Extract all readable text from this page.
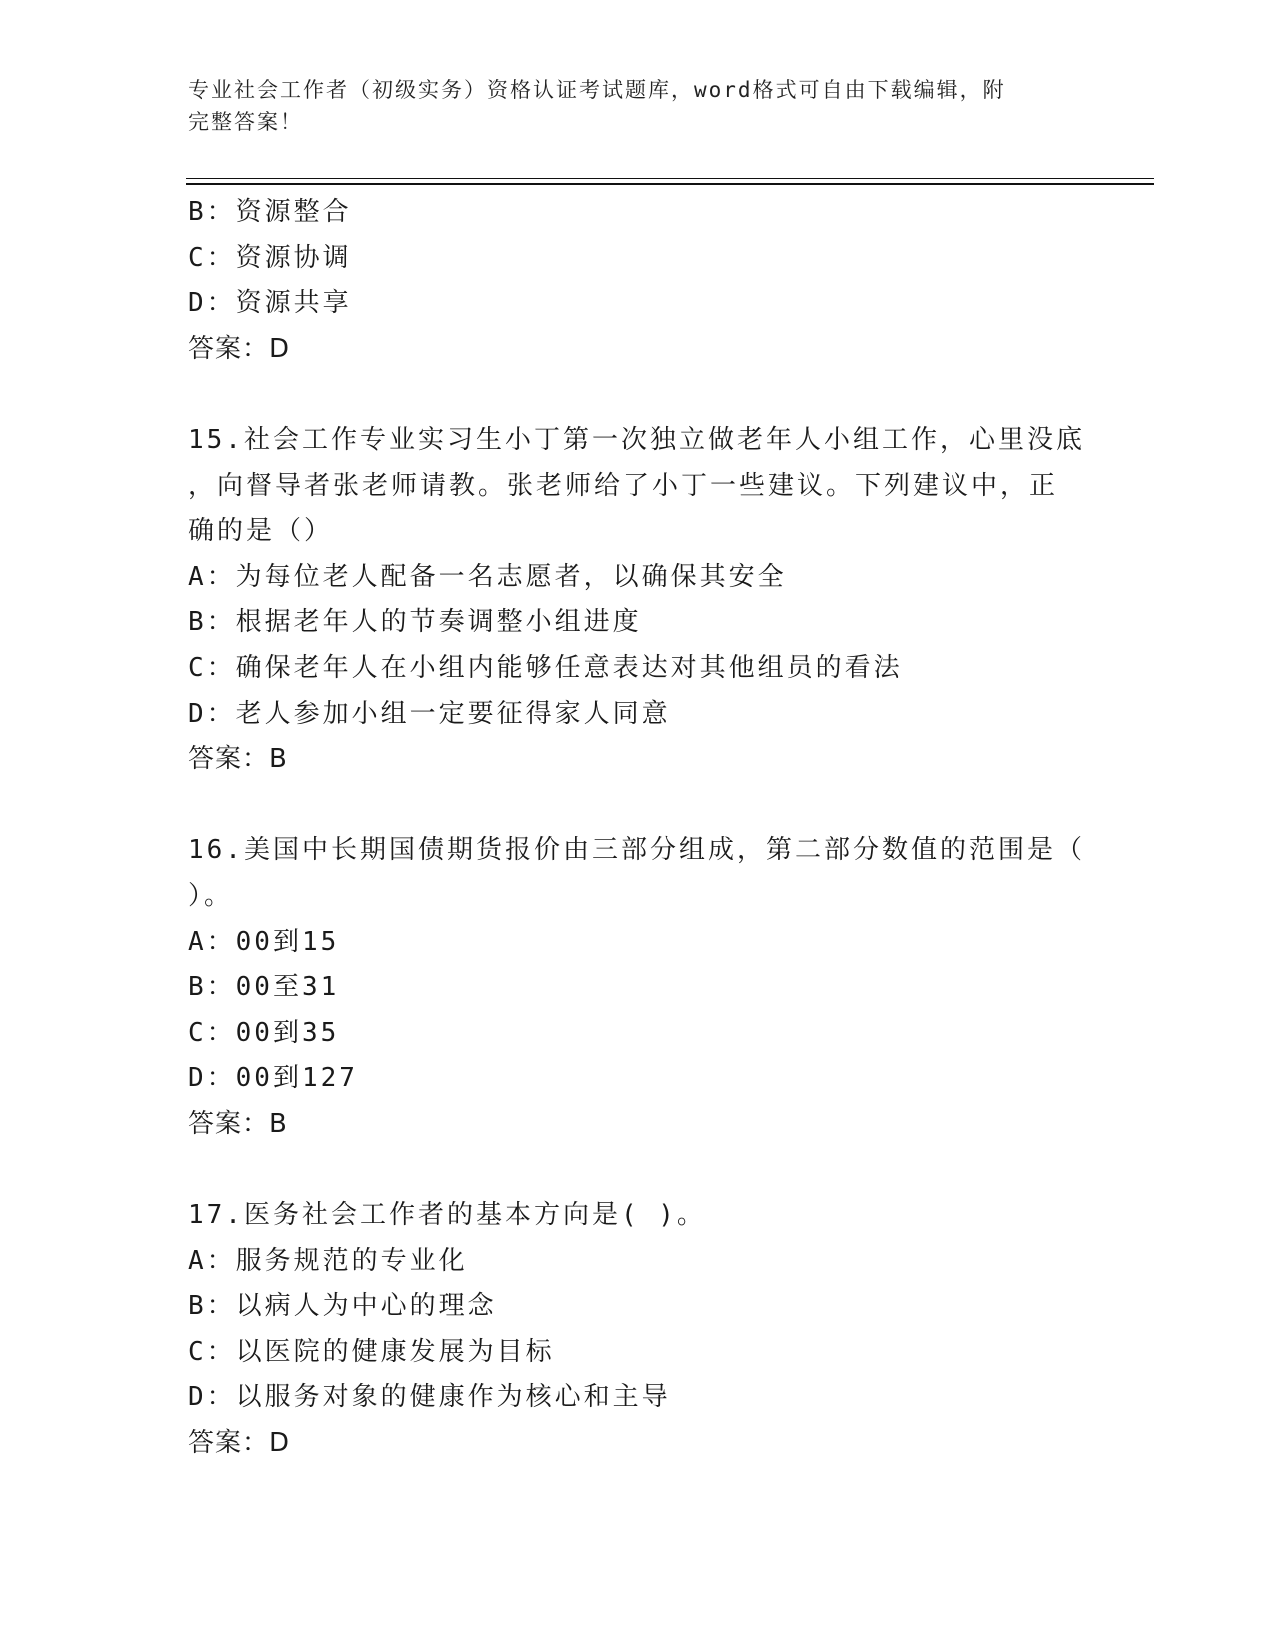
专业社会工作者（初级实务）资格认证考试题库，word格式可自由下载编辑，附
完整答案！
B：资源整合
C：资源协调
D：资源共享
答案：D
15.社会工作专业实习生小丁第一次独立做老年人小组工作，心里没底
，向督导者张老师请教。张老师给了小丁一些建议。下列建议中，正
确的是（）
A：为每位老人配备一名志愿者，以确保其安全
B：根据老年人的节奏调整小组进度
C：确保老年人在小组内能够任意表达对其他组员的看法
D：老人参加小组一定要征得家人同意
答案：B
16.美国中长期国债期货报价由三部分组成，第二部分数值的范围是（
）。
A：00到15
B：00至31
C：00到35
D：00到127
答案：B
17.医务社会工作者的基本方向是( )。
A：服务规范的专业化
B：以病人为中心的理念
C：以医院的健康发展为目标
D：以服务对象的健康作为核心和主导
答案：D
